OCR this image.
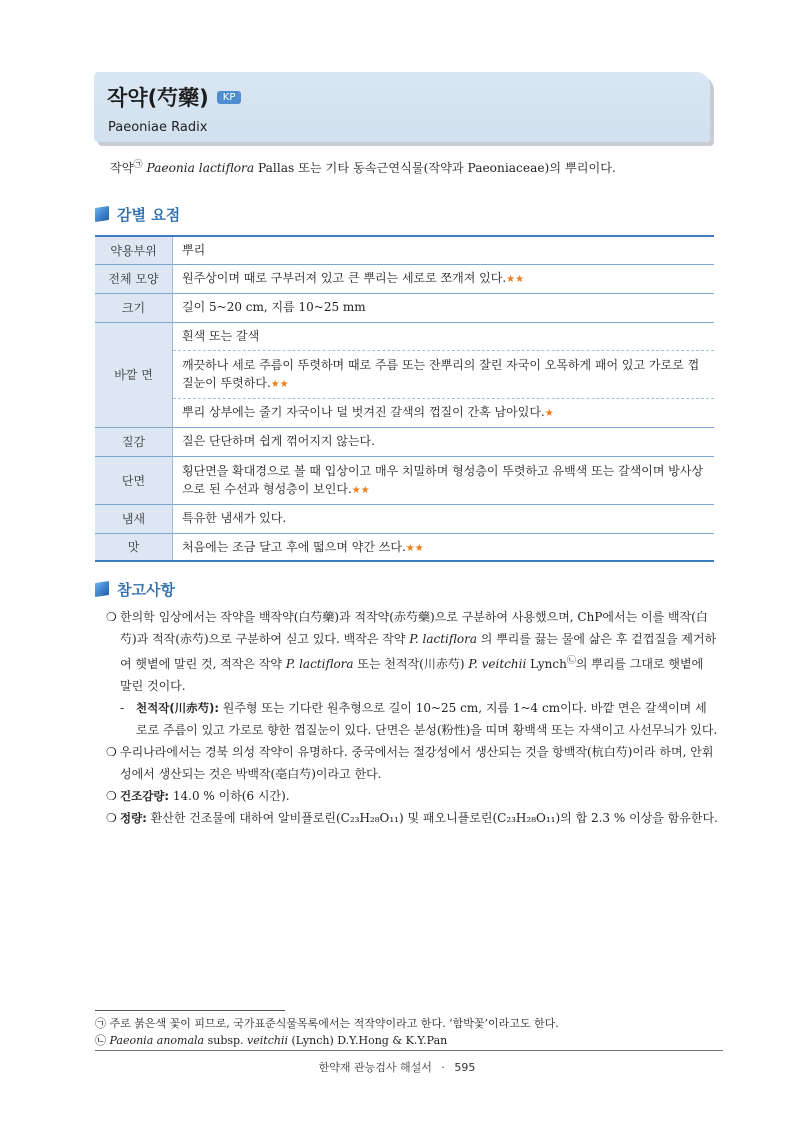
작약(芍藥) KP
Paeoniae Radix
작약㉠ Paeonia lactiflora Pallas 또는 기타 동속근연식물(작약과 Paeoniaceae)의 뿌리이다.
감별 요점
약용부위	뿌리
전체 모양	원주상이며 때로 구부러져 있고 큰 뿌리는 세로로 쪼개져 있다.★★
크기	길이 5~20 cm, 지름 10~25 mm
바깥 면	흰색 또는 갈색
	깨끗하나 세로 주름이 뚜렷하며 때로 주름 또는 잔뿌리의 잘린 자국이 오목하게 패어 있고 가로로 껍질눈이 뚜렷하다.★★
	뿌리 상부에는 줄기 자국이나 덜 벗겨진 갈색의 껍질이 간혹 남아있다.★
질감	질은 단단하며 쉽게 꺾어지지 않는다.
단면	횡단면을 확대경으로 볼 때 입상이고 매우 치밀하며 형성층이 뚜렷하고 유백색 또는 갈색이며 방사상으로 된 수선과 형성층이 보인다.★★
냄새	특유한 냄새가 있다.
맛	처음에는 조금 달고 후에 떫으며 약간 쓰다.★★
참고사항
❍ 한의학 임상에서는 작약을 백작약(白芍藥)과 적작약(赤芍藥)으로 구분하여 사용했으며, ChP에서는 이를 백작(白芍)과 적작(赤芍)으로 구분하여 싣고 있다. 백작은 작약 P. lactiflora 의 뿌리를 끓는 물에 삶은 후 겉껍질을 제거하여 햇볕에 말린 것, 적작은 작약 P. lactiflora 또는 천적작(川赤芍) P. veitchii Lynch㉡의 뿌리를 그대로 햇볕에 말린 것이다.
- 천적작(川赤芍): 원주형 또는 기다란 원추형으로 길이 10~25 cm, 지름 1~4 cm이다. 바깥 면은 갈색이며 세로로 주름이 있고 가로로 향한 껍질눈이 있다. 단면은 분성(粉性)을 띠며 황백색 또는 자색이고 사선무늬가 있다.
❍ 우리나라에서는 경북 의성 작약이 유명하다. 중국에서는 절강성에서 생산되는 것을 항백작(杭白芍)이라 하며, 안휘성에서 생산되는 것은 박백작(亳白芍)이라고 한다.
❍ 건조감량: 14.0 % 이하(6 시간).
❍ 정량: 환산한 건조물에 대하여 알비플로린(C₂₃H₂₈O₁₁) 및 패오니플로린(C₂₃H₂₈O₁₁)의 합 2.3 % 이상을 함유한다.
㉠ 주로 붉은색 꽃이 피므로, 국가표준식물목록에서는 적작약이라고 한다. ‘함박꽃’이라고도 한다.
㉡ Paeonia anomala subsp. veitchii (Lynch) D.Y.Hong & K.Y.Pan
한약재 관능검사 해설서 · 595
